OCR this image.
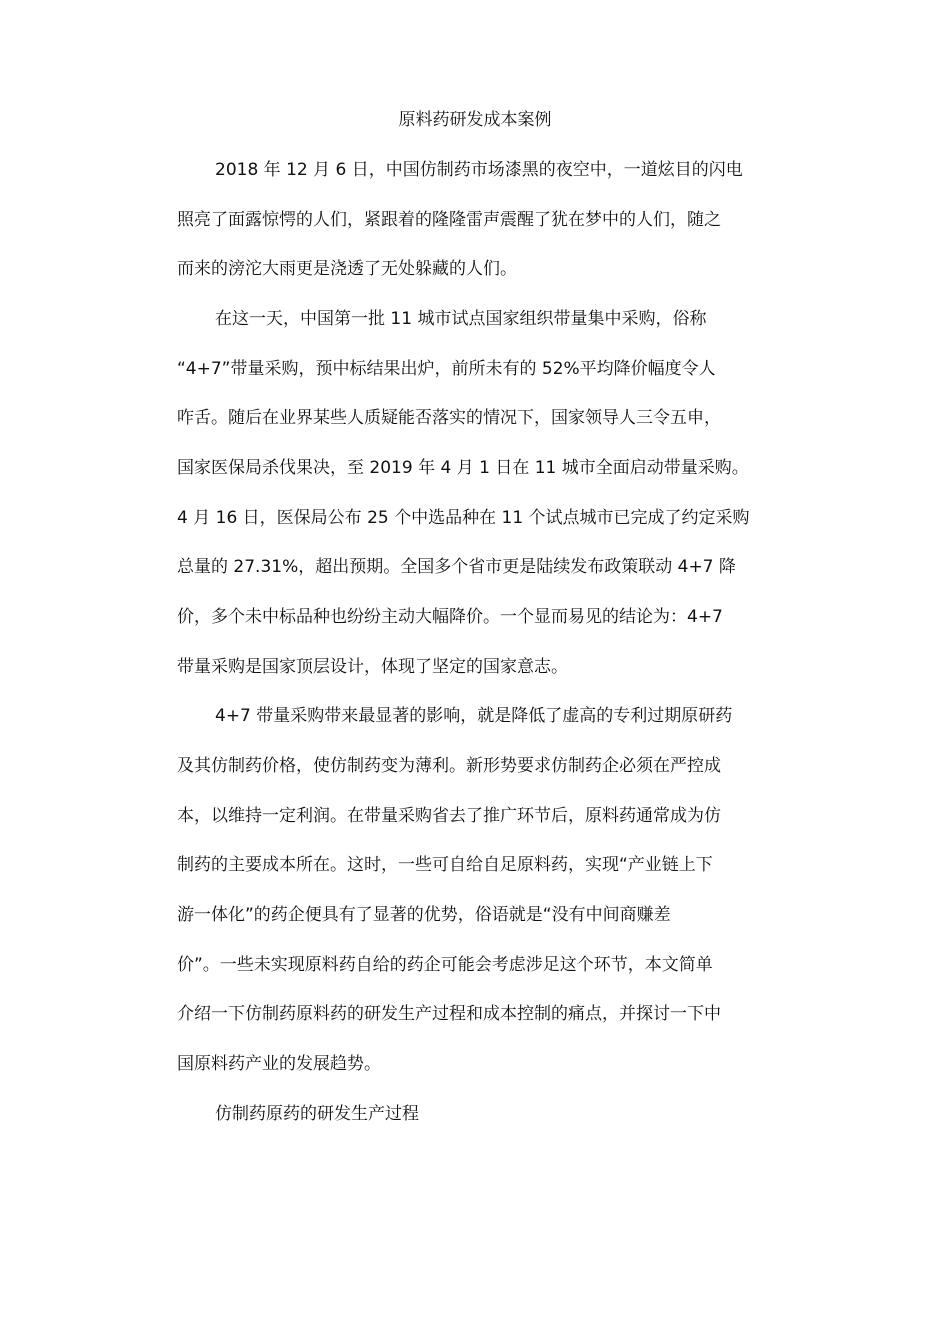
原料药研发成本案例
2018 年 12 月 6 日，中国仿制药市场漆黑的夜空中，一道炫目的闪电
照亮了面露惊愕的人们，紧跟着的隆隆雷声震醒了犹在梦中的人们，随之
而来的滂沱大雨更是浇透了无处躲藏的人们。
在这一天，中国第一批 11 城市试点国家组织带量集中采购，俗称
“4+7”带量采购，预中标结果出炉，前所未有的 52%平均降价幅度令人
咋舌。随后在业界某些人质疑能否落实的情况下，国家领导人三令五申，
国家医保局杀伐果决，至 2019 年 4 月 1 日在 11 城市全面启动带量采购。
4 月 16 日，医保局公布 25 个中选品种在 11 个试点城市已完成了约定采购
总量的 27.31%，超出预期。全国多个省市更是陆续发布政策联动 4+7 降
价，多个未中标品种也纷纷主动大幅降价。一个显而易见的结论为：4+7
带量采购是国家顶层设计，体现了坚定的国家意志。
4+7 带量采购带来最显著的影响，就是降低了虚高的专利过期原研药
及其仿制药价格，使仿制药变为薄利。新形势要求仿制药企必须在严控成
本，以维持一定利润。在带量采购省去了推广环节后，原料药通常成为仿
制药的主要成本所在。这时，一些可自给自足原料药，实现“产业链上下
游一体化”的药企便具有了显著的优势，俗语就是“没有中间商赚差
价”。一些未实现原料药自给的药企可能会考虑涉足这个环节，本文简单
介绍一下仿制药原料药的研发生产过程和成本控制的痛点，并探讨一下中
国原料药产业的发展趋势。
仿制药原药的研发生产过程
